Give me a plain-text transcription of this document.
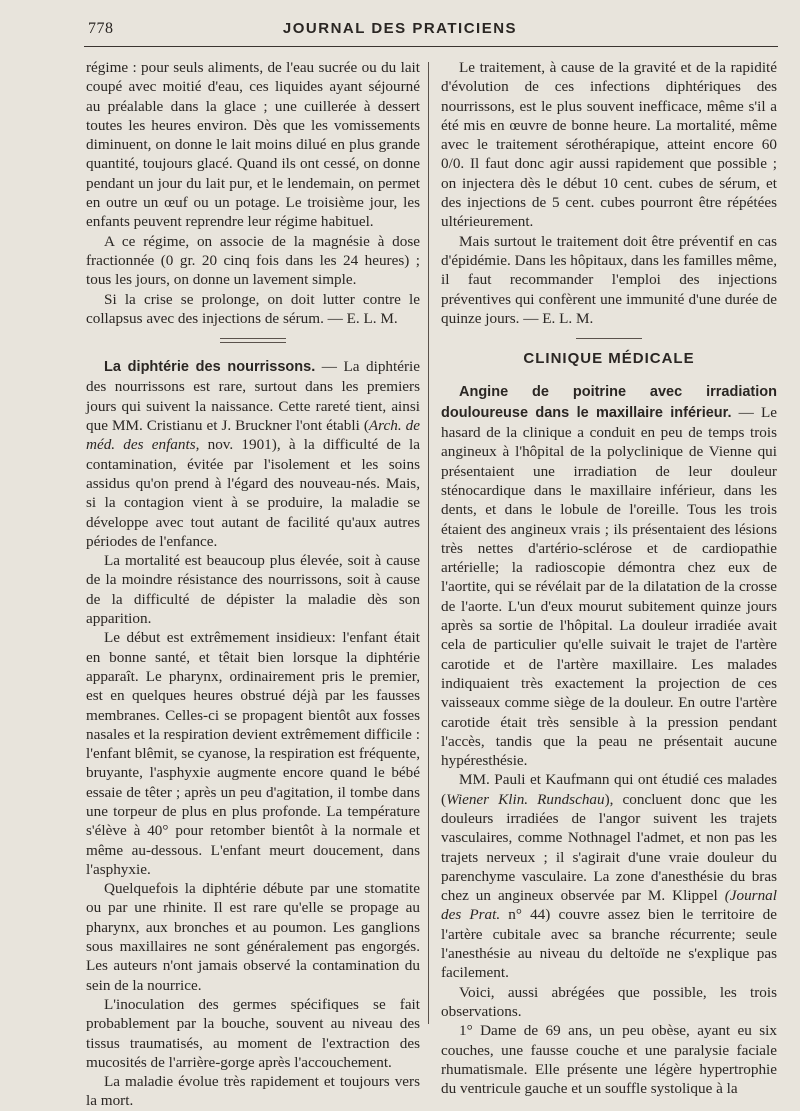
778	JOURNAL DES PRATICIENS

régime : pour seuls aliments, de l'eau sucrée ou du lait coupé avec moitié d'eau, ces liquides ayant séjourné au préalable dans la glace ; une cuillerée à dessert toutes les heures environ. Dès que les vomissements diminuent, on donne le lait moins dilué en plus grande quantité, toujours glacé. Quand ils ont cessé, on donne pendant un jour du lait pur, et le lendemain, on permet en outre un œuf ou un potage. Le troisième jour, les enfants peuvent reprendre leur régime habituel.

A ce régime, on associe de la magnésie à dose fractionnée (0 gr. 20 cinq fois dans les 24 heures) ; tous les jours, on donne un lavement simple.

Si la crise se prolonge, on doit lutter contre le collapsus avec des injections de sérum. — E. L. M.

La diphtérie des nourrissons. — La diphtérie des nourrissons est rare, surtout dans les premiers jours qui suivent la naissance. Cette rareté tient, ainsi que MM. Cristianu et J. Bruckner l'ont établi (Arch. de méd. des enfants, nov. 1901), à la difficulté de la contamination, évitée par l'isolement et les soins assidus qu'on prend à l'égard des nouveau-nés. Mais, si la contagion vient à se produire, la maladie se développe avec tout autant de facilité qu'aux autres périodes de l'enfance.

La mortalité est beaucoup plus élevée, soit à cause de la moindre résistance des nourrissons, soit à cause de la difficulté de dépister la maladie dès son apparition.

Le début est extrêmement insidieux: l'enfant était en bonne santé, et têtait bien lorsque la diphtérie apparaît. Le pharynx, ordinairement pris le premier, est en quelques heures obstrué déjà par les fausses membranes. Celles-ci se propagent bientôt aux fosses nasales et la respiration devient extrêmement difficile : l'enfant blêmit, se cyanose, la respiration est fréquente, bruyante, l'asphyxie augmente encore quand le bébé essaie de têter ; après un peu d'agitation, il tombe dans une torpeur de plus en plus profonde. La température s'élève à 40° pour retomber bientôt à la normale et même au-dessous. L'enfant meurt doucement, dans l'asphyxie.

Quelquefois la diphtérie débute par une stomatite ou par une rhinite. Il est rare qu'elle se propage au pharynx, aux bronches et au poumon. Les ganglions sous maxillaires ne sont généralement pas engorgés. Les auteurs n'ont jamais observé la contamination du sein de la nourrice.

L'inoculation des germes spécifiques se fait probablement par la bouche, souvent au niveau des tissus traumatisés, au moment de l'extraction des mucosités de l'arrière-gorge après l'accouchement.

La maladie évolue très rapidement et toujours vers la mort.

Le traitement, à cause de la gravité et de la rapidité d'évolution de ces infections diphtériques des nourrissons, est le plus souvent inefficace, même s'il a été mis en œuvre de bonne heure. La mortalité, même avec le traitement sérothérapique, atteint encore 60 0/0. Il faut donc agir aussi rapidement que possible ; on injectera dès le début 10 cent. cubes de sérum, et des injections de 5 cent. cubes pourront être répétées ultérieurement.

Mais surtout le traitement doit être préventif en cas d'épidémie. Dans les hôpitaux, dans les familles même, il faut recommander l'emploi des injections préventives qui confèrent une immunité d'une durée de quinze jours. — E. L. M.

CLINIQUE MÉDICALE

Angine de poitrine avec irradiation douloureuse dans le maxillaire inférieur. — Le hasard de la clinique a conduit en peu de temps trois angineux à l'hôpital de la polyclinique de Vienne qui présentaient une irradiation de leur douleur sténocardique dans le maxillaire inférieur, dans les dents, et dans le lobule de l'oreille. Tous les trois étaient des angineux vrais ; ils présentaient des lésions très nettes d'artério-sclérose et de cardiopathie artérielle; la radioscopie démontra chez eux de l'aortite, qui se révélait par de la dilatation de la crosse de l'aorte. L'un d'eux mourut subitement quinze jours après sa sortie de l'hôpital. La douleur irradiée avait cela de particulier qu'elle suivait le trajet de l'artère carotide et de l'artère maxillaire. Les malades indiquaient très exactement la projection de ces vaisseaux comme siège de la douleur. En outre l'artère carotide était très sensible à la pression pendant l'accès, tandis que la peau ne présentait aucune hypéresthésie.

MM. Pauli et Kaufmann qui ont étudié ces malades (Wiener Klin. Rundschau), concluent donc que les douleurs irradiées de l'angor suivent les trajets vasculaires, comme Nothnagel l'admet, et non pas les trajets nerveux ; il s'agirait d'une vraie douleur du parenchyme vasculaire. La zone d'anesthésie du bras chez un angineux observée par M. Klippel (Journal des Prat. n° 44) couvre assez bien le territoire de l'artère cubitale avec sa branche récurrente; seule l'anesthésie au niveau du deltoïde ne s'explique pas facilement.

Voici, aussi abrégées que possible, les trois observations.

1° Dame de 69 ans, un peu obèse, ayant eu six couches, une fausse couche et une paralysie faciale rhumatismale. Elle présente une légère hypertrophie du ventricule gauche et un souffle systolique à la
